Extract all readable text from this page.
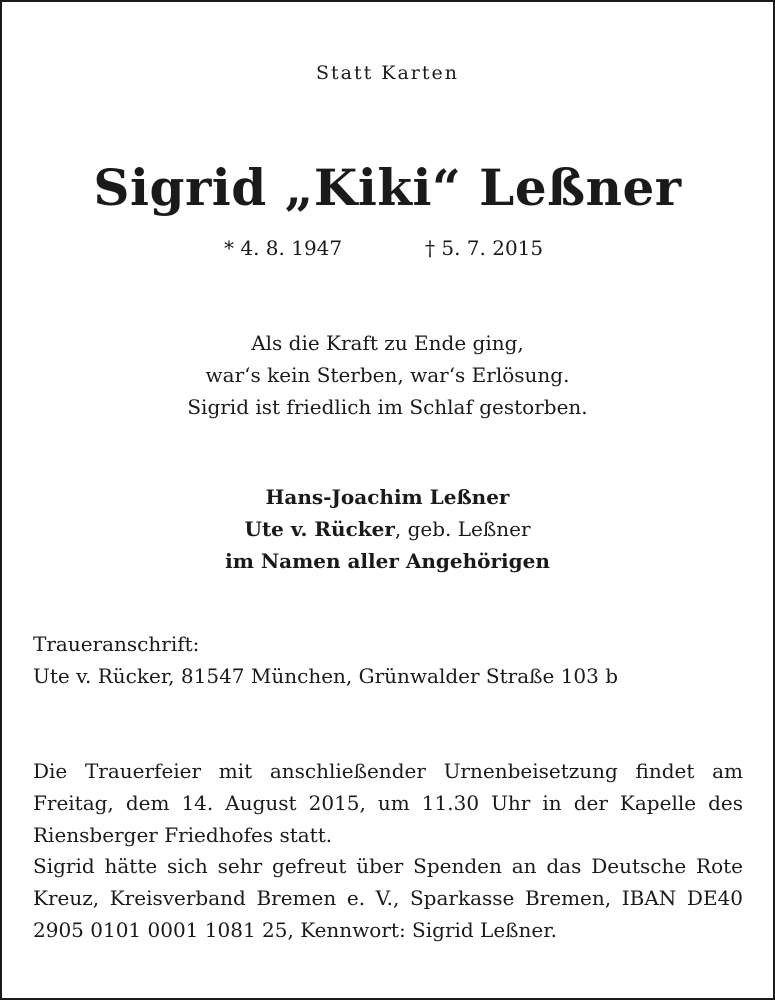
Statt Karten
Sigrid „Kiki“ Leßner
* 4. 8. 1947	† 5. 7. 2015
Als die Kraft zu Ende ging,
war‘s kein Sterben, war‘s Erlösung.
Sigrid ist friedlich im Schlaf gestorben.
Hans-Joachim Leßner
Ute v. Rücker, geb. Leßner
im Namen aller Angehörigen
Traueranschrift:
Ute v. Rücker, 81547 München, Grünwalder Straße 103 b
Die Trauerfeier mit anschließender Urnenbeisetzung findet am Freitag, dem 14. August 2015, um 11.30 Uhr in der Kapelle des Riensberger Friedhofes statt.
Sigrid hätte sich sehr gefreut über Spenden an das Deutsche Rote Kreuz, Kreisverband Bremen e. V., Sparkasse Bremen, IBAN DE40 2905 0101 0001 1081 25, Kennwort: Sigrid Leßner.
